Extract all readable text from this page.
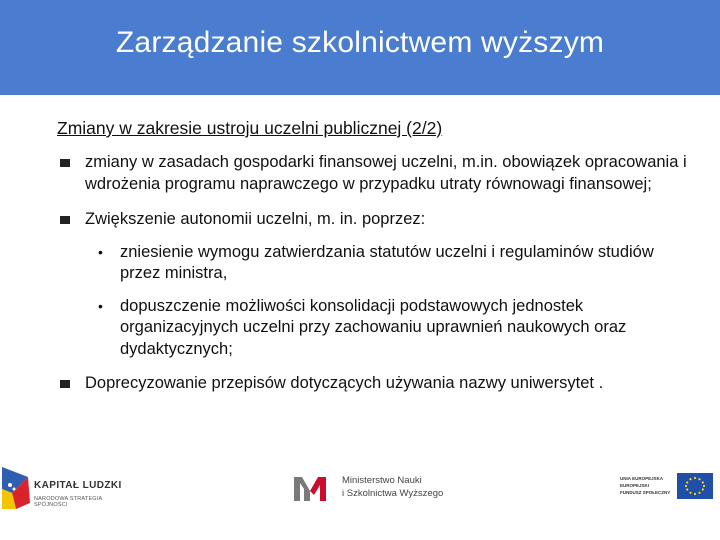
Zarządzanie szkolnictwem wyższym
Zmiany w zakresie ustroju uczelni publicznej (2/2)
zmiany w zasadach gospodarki finansowej uczelni, m.in. obowiązek opracowania i wdrożenia programu naprawczego w przypadku utraty równowagi finansowej;
Zwiększenie autonomii uczelni, m. in. poprzez:
• zniesienie wymogu zatwierdzania statutów uczelni i regulaminów studiów przez ministra,
• dopuszczenie możliwości konsolidacji podstawowych jednostek organizacyjnych uczelni przy zachowaniu uprawnień naukowych oraz dydaktycznych;
Doprecyzowanie przepisów dotyczących używania nazwy uniwersytet .
KAPITAŁ LUDZKI
NARODOWA STRATEGIA SPÓJNOŚCI
Ministerstwo Nauki
i Szkolnictwa Wyższego
UNIA EUROPEJSKA
EUROPEJSKI
FUNDUSZ SPOŁECZNY
